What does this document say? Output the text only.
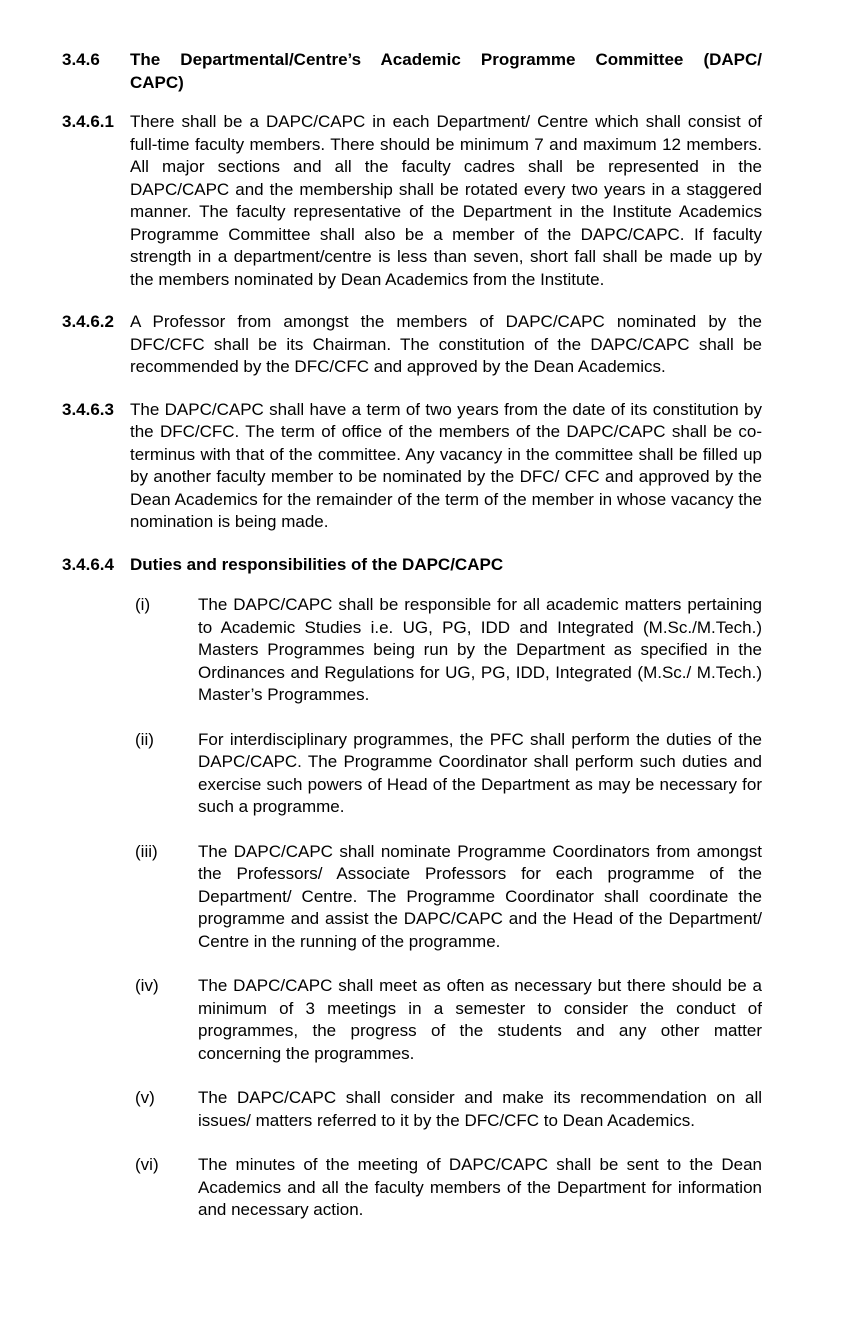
3.4.6	The Departmental/Centre’s Academic Programme Committee (DAPC/
CAPC)
3.4.6.1 There shall be a DAPC/CAPC in each Department/ Centre which shall consist of full-time faculty members. There should be minimum 7 and maximum 12 members. All major sections and all the faculty cadres shall be represented in the DAPC/CAPC and the membership shall be rotated every two years in a staggered manner. The faculty representative of the Department in the Institute Academics Programme Committee shall also be a member of the DAPC/CAPC. If faculty strength in a department/centre is less than seven, short fall shall be made up by the members nominated by Dean Academics from the Institute.

3.4.6.2 A Professor from amongst the members of DAPC/CAPC nominated by the DFC/CFC shall be its Chairman. The constitution of the DAPC/CAPC shall be recommended by the DFC/CFC and approved by the Dean Academics.

3.4.6.3 The DAPC/CAPC shall have a term of two years from the date of its constitution by the DFC/CFC. The term of office of the members of the DAPC/CAPC shall be co-terminus with that of the committee. Any vacancy in the committee shall be filled up by another faculty member to be nominated by the DFC/ CFC and approved by the Dean Academics for the remainder of the term of the member in whose vacancy the nomination is being made.

3.4.6.4 Duties and responsibilities of the DAPC/CAPC
(i)	The DAPC/CAPC shall be responsible for all academic matters pertaining to Academic Studies i.e. UG, PG, IDD and Integrated (M.Sc./M.Tech.) Masters Programmes being run by the Department as specified in the Ordinances and Regulations for UG, PG, IDD, Integrated (M.Sc./ M.Tech.) Master’s Programmes.

(ii)	For interdisciplinary programmes, the PFC shall perform the duties of the DAPC/CAPC. The Programme Coordinator shall perform such duties and exercise such powers of Head of the Department as may be necessary for such a programme.

(iii)	The DAPC/CAPC shall nominate Programme Coordinators from amongst the Professors/ Associate Professors for each programme of the Department/ Centre. The Programme Coordinator shall coordinate the programme and assist the DAPC/CAPC and the Head of the Department/ Centre in the running of the programme.

(iv)	The DAPC/CAPC shall meet as often as necessary but there should be a minimum of 3 meetings in a semester to consider the conduct of programmes, the progress of the students and any other matter concerning the programmes.

(v)	The DAPC/CAPC shall consider and make its recommendation on all issues/ matters referred to it by the DFC/CFC to Dean Academics.

(vi)	The minutes of the meeting of DAPC/CAPC shall be sent to the Dean Academics and all the faculty members of the Department for information and necessary action.
